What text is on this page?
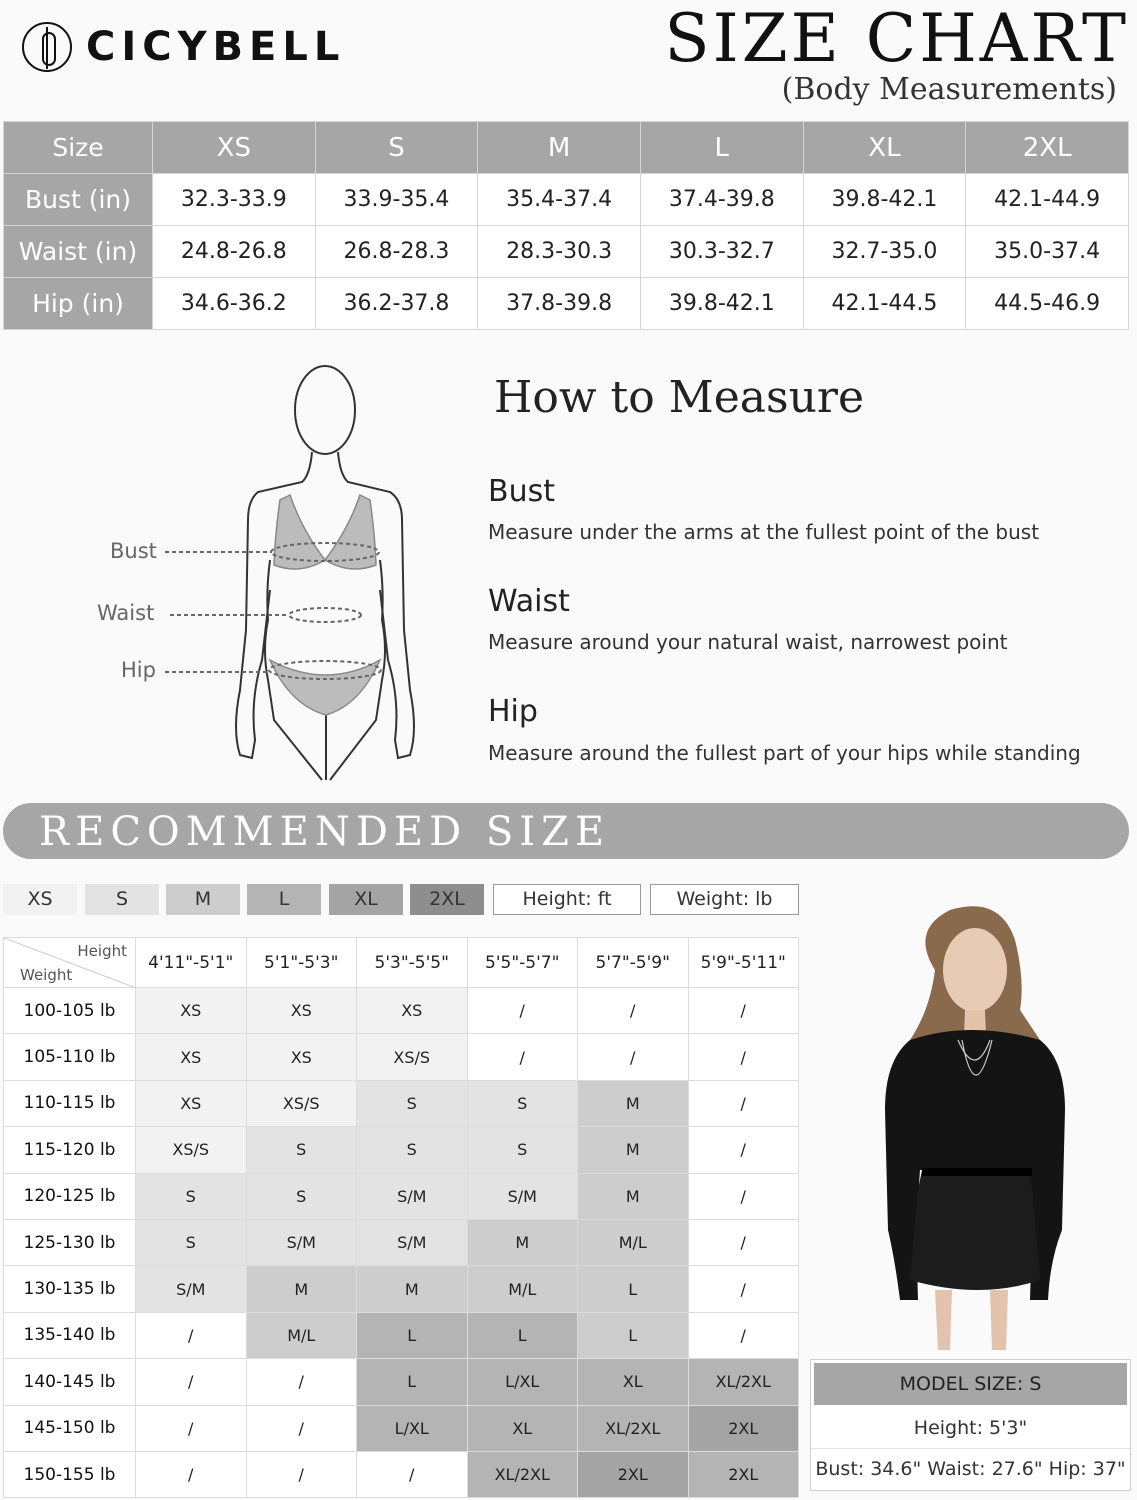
CICYBELL	SIZE CHART
(Body Measurements)
Size	XS	S	M	L	XL	2XL
Bust (in)	32.3-33.9	33.9-35.4	35.4-37.4	37.4-39.8	39.8-42.1	42.1-44.9
Waist (in)	24.8-26.8	26.8-28.3	28.3-30.3	30.3-32.7	32.7-35.0	35.0-37.4
Hip (in)	34.6-36.2	36.2-37.8	37.8-39.8	39.8-42.1	42.1-44.5	44.5-46.9
Bust
Waist
Hip
How to Measure
Bust
Measure under the arms at the fullest point of the bust
Waist
Measure around your natural waist, narrowest point
Hip
Measure around the fullest part of your hips while standing
RECOMMENDED SIZE
XS	S	M	L	XL	2XL	Height: ft	Weight: lb
Height
Weight	4'11"-5'1"	5'1"-5'3"	5'3"-5'5"	5'5"-5'7"	5'7"-5'9"	5'9"-5'11"
100-105 lb	XS	XS	XS	/	/	/
105-110 lb	XS	XS	XS/S	/	/	/
110-115 lb	XS	XS/S	S	S	M	/
115-120 lb	XS/S	S	S	S	M	/
120-125 lb	S	S	S/M	S/M	M	/
125-130 lb	S	S/M	S/M	M	M/L	/
130-135 lb	S/M	M	M	M/L	L	/
135-140 lb	/	M/L	L	L	L	/
140-145 lb	/	/	L	L/XL	XL	XL/2XL
145-150 lb	/	/	L/XL	XL	XL/2XL	2XL
150-155 lb	/	/	/	XL/2XL	2XL	2XL
MODEL SIZE: S
Height: 5'3"
Bust: 34.6" Waist: 27.6" Hip: 37"
